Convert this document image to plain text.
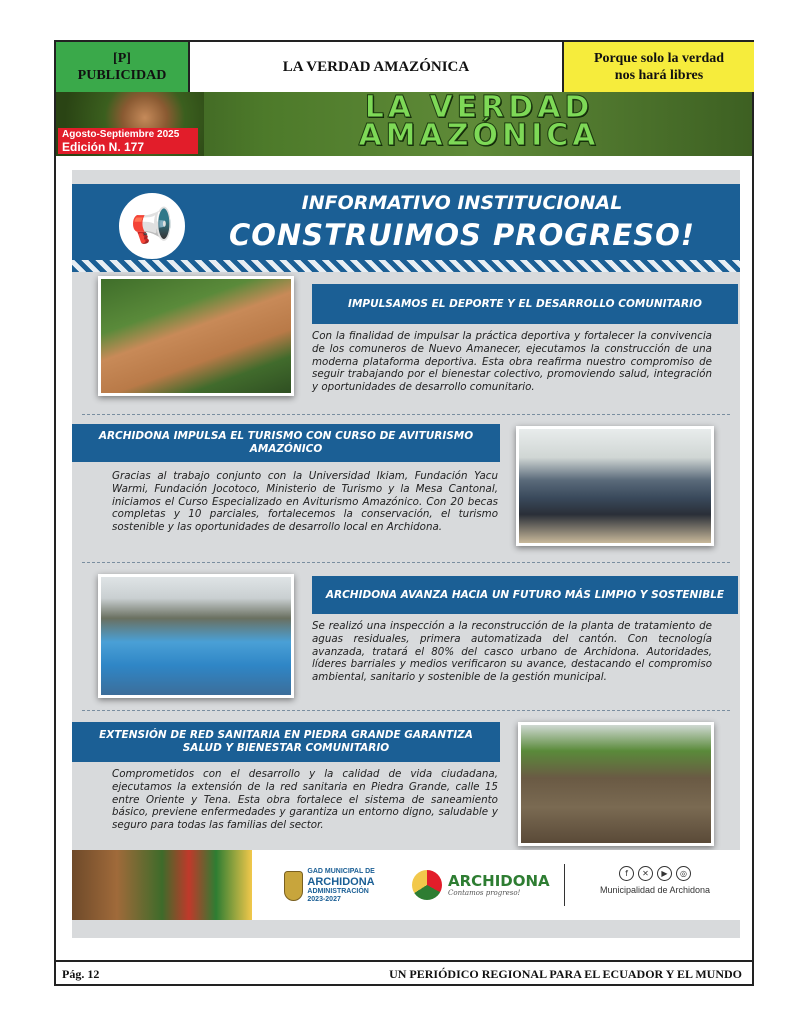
[P]
PUBLICIDAD
LA VERDAD AMAZÓNICA	Porque solo la verdad
nos hará libres
LA VERDAD
AMAZÓNICA
Agosto-Septiembre 2025
Edición N. 177
📢
INFORMATIVO INSTITUCIONAL
CONSTRUIMOS PROGRESO!
IMPULSAMOS EL DEPORTE Y EL DESARROLLO COMUNITARIO
Con la finalidad de impulsar la práctica deportiva y fortalecer la convivencia de los comuneros de Nuevo Amanecer, ejecutamos la construcción de una moderna plataforma deportiva. Esta obra reafirma nuestro compromiso de seguir trabajando por el bienestar colectivo, promoviendo salud, integración y oportunidades de desarrollo comunitario.
ARCHIDONA IMPULSA EL TURISMO CON CURSO DE AVITURISMO AMAZÓNICO
Gracias al trabajo conjunto con la Universidad Ikiam, Fundación Yacu Warmi, Fundación Jocotoco, Ministerio de Turismo y la Mesa Cantonal, iniciamos el Curso Especializado en Aviturismo Amazónico. Con 20 becas completas y 10 parciales, fortalecemos la conservación, el turismo sostenible y las oportunidades de desarrollo local en Archidona.
ARCHIDONA AVANZA HACIA UN FUTURO MÁS LIMPIO Y SOSTENIBLE
Se realizó una inspección a la reconstrucción de la planta de tratamiento de aguas residuales, primera automatizada del cantón. Con tecnología avanzada, tratará el 80% del casco urbano de Archidona. Autoridades, líderes barriales y medios verificaron su avance, destacando el compromiso ambiental, sanitario y sostenible de la gestión municipal.
EXTENSIÓN DE RED SANITARIA EN PIEDRA GRANDE GARANTIZA SALUD Y BIENESTAR COMUNITARIO
Comprometidos con el desarrollo y la calidad de vida ciudadana, ejecutamos la extensión de la red sanitaria en Piedra Grande, calle 15 entre Oriente y Tena. Esta obra fortalece el sistema de saneamiento básico, previene enfermedades y garantiza un entorno digno, saludable y seguro para todas las familias del sector.
GAD MUNICIPAL DE
ARCHIDONA
ADMINISTRACIÓN 2023-2027
ARCHIDONA
Contamos progreso!
f	✕	▶	◎
Municipalidad de Archidona
Pág. 12	UN PERIÓDICO REGIONAL PARA EL ECUADOR Y EL MUNDO
